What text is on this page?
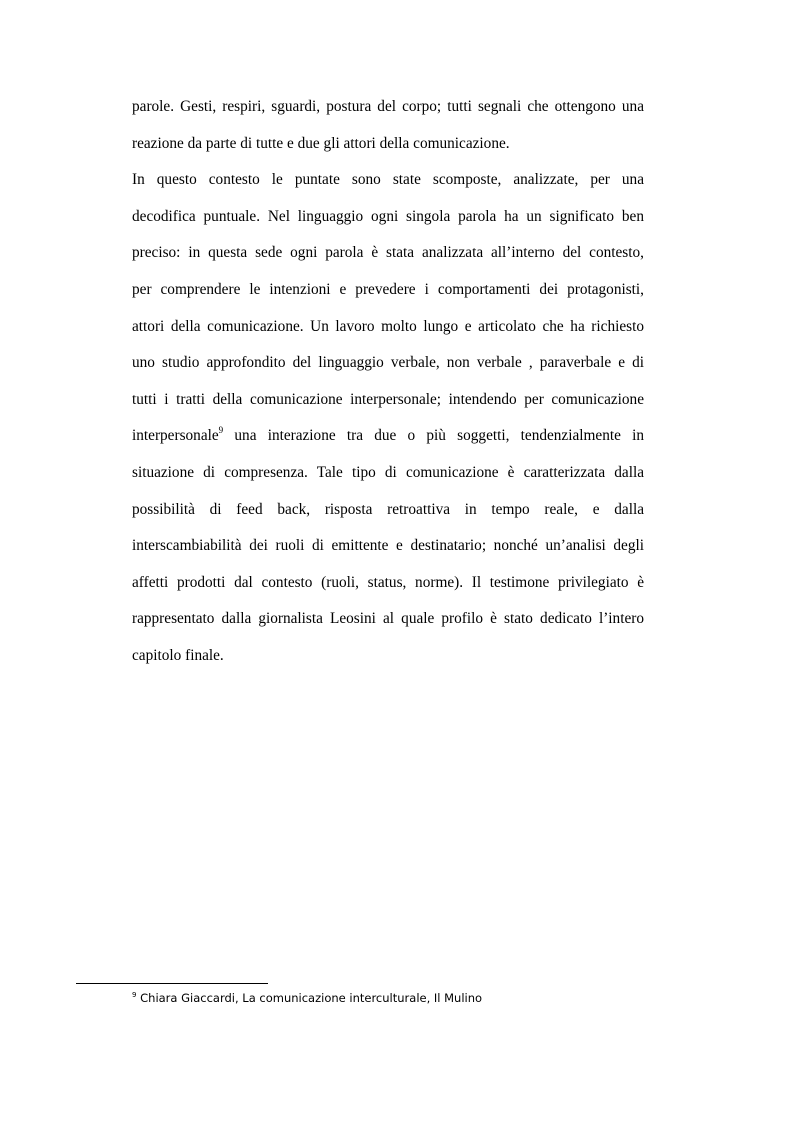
parole. Gesti, respiri, sguardi, postura del corpo; tutti segnali che ottengono una
reazione da parte di tutte e due gli attori della comunicazione.
In questo contesto le puntate sono state scomposte, analizzate, per una
decodifica puntuale. Nel linguaggio ogni singola parola ha un significato ben
preciso: in questa sede ogni parola è stata analizzata all’interno del contesto,
per comprendere le intenzioni e prevedere i comportamenti dei protagonisti,
attori della comunicazione. Un lavoro molto lungo e articolato che ha richiesto
uno studio approfondito del linguaggio verbale, non verbale , paraverbale e di
tutti i tratti della comunicazione interpersonale; intendendo per comunicazione
interpersonale$^9$ una interazione tra due o più soggetti, tendenzialmente in
situazione di compresenza. Tale tipo di comunicazione è caratterizzata dalla
possibilità di feed back, risposta retroattiva in tempo reale, e dalla
interscambiabilità dei ruoli di emittente e destinatario; nonché un’analisi degli
affetti prodotti dal contesto (ruoli, status, norme). Il testimone privilegiato è
rappresentato dalla giornalista Leosini al quale profilo è stato dedicato l’intero
capitolo finale.
$^9$ Chiara Giaccardi, La comunicazione interculturale, Il Mulino
